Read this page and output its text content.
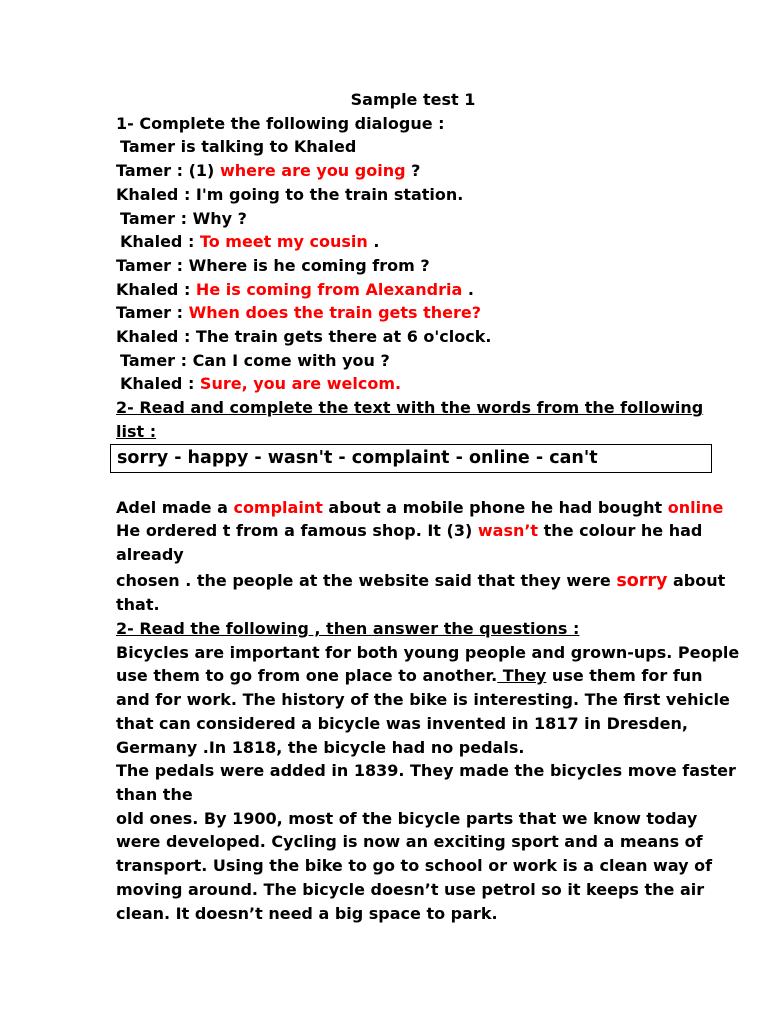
Sample test 1
1- Complete the following dialogue :
Tamer is talking to Khaled
Tamer : (1) where are you going ?
Khaled : I'm going to the train station.
Tamer : Why ?
Khaled : To meet my cousin .
Tamer : Where is he coming from ?
Khaled : He is coming from Alexandria .
Tamer : When does the train gets there?
Khaled : The train gets there at 6 o'clock.
Tamer : Can I come with you ?
Khaled : Sure, you are welcom.
2- Read and complete the text with the words from the following
list :
sorry - happy - wasn't - complaint - online - can't
Adel made a complaint about a mobile phone he had bought online
He ordered t from a famous shop. It (3) wasn’t the colour he had
already
chosen . the people at the website said that they were sorry about
that.
2- Read the following , then answer the questions :
Bicycles are important for both young people and grown-ups. People
use them to go from one place to another. They use them for fun
and for work. The history of the bike is interesting. The first vehicle
that can considered a bicycle was invented in 1817 in Dresden,
Germany .In 1818, the bicycle had no pedals.
The pedals were added in 1839. They made the bicycles move faster
than the
old ones. By 1900, most of the bicycle parts that we know today
were developed. Cycling is now an exciting sport and a means of
transport. Using the bike to go to school or work is a clean way of
moving around. The bicycle doesn’t use petrol so it keeps the air
clean. It doesn’t need a big space to park.
